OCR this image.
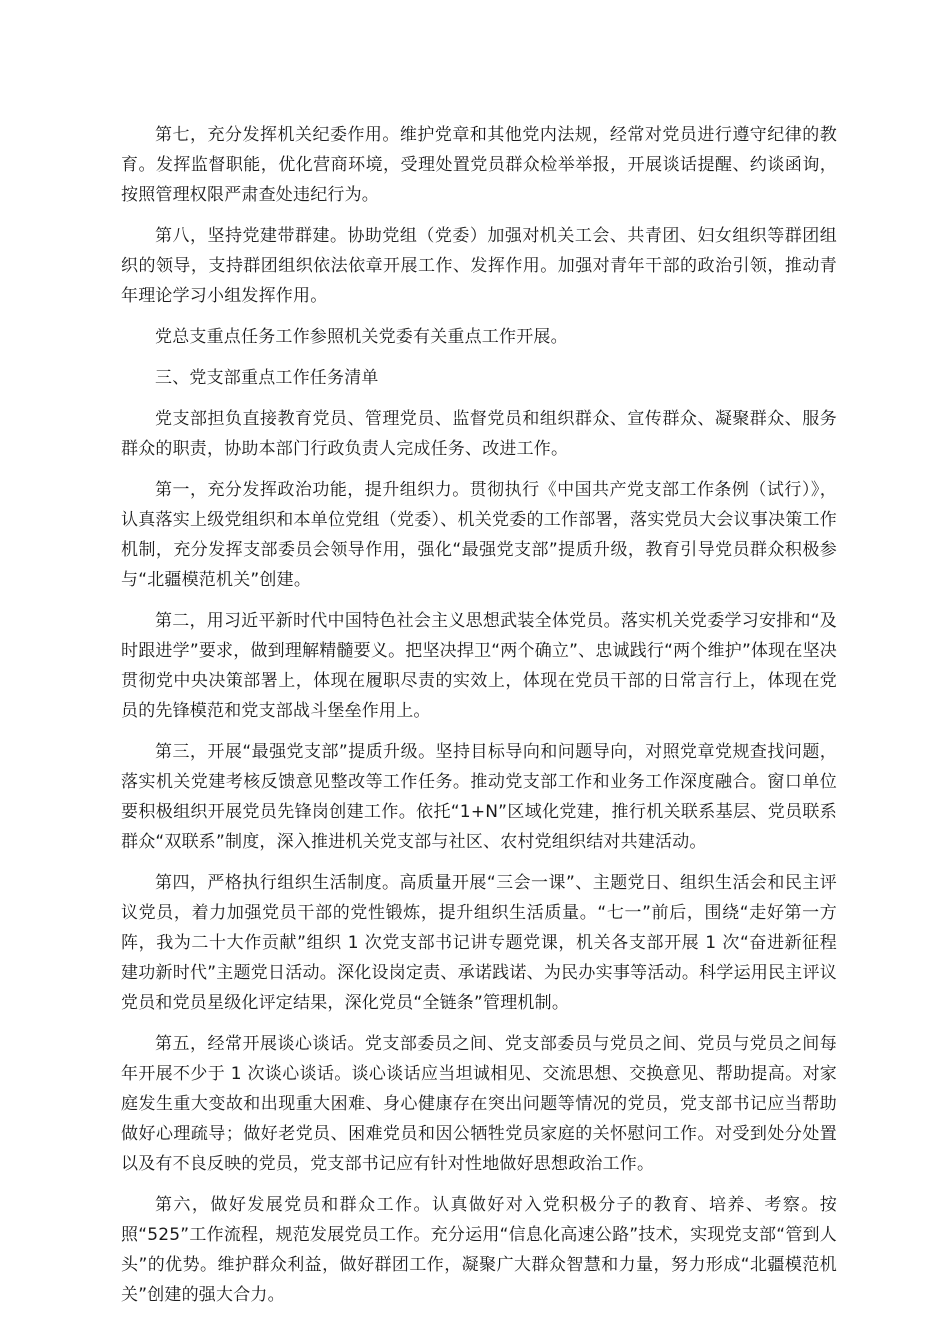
第七，充分发挥机关纪委作用。维护党章和其他党内法规，经常对党员进行遵守纪律的教育。发挥监督职能，优化营商环境，受理处置党员群众检举举报，开展谈话提醒、约谈函询，按照管理权限严肃查处违纪行为。

第八，坚持党建带群建。协助党组（党委）加强对机关工会、共青团、妇女组织等群团组织的领导，支持群团组织依法依章开展工作、发挥作用。加强对青年干部的政治引领，推动青年理论学习小组发挥作用。

党总支重点任务工作参照机关党委有关重点工作开展。

三、党支部重点工作任务清单

党支部担负直接教育党员、管理党员、监督党员和组织群众、宣传群众、凝聚群众、服务群众的职责，协助本部门行政负责人完成任务、改进工作。

第一，充分发挥政治功能，提升组织力。贯彻执行《中国共产党支部工作条例（试行）》，认真落实上级党组织和本单位党组（党委）、机关党委的工作部署，落实党员大会议事决策工作机制，充分发挥支部委员会领导作用，强化“最强党支部”提质升级，教育引导党员群众积极参与“北疆模范机关”创建。

第二，用习近平新时代中国特色社会主义思想武装全体党员。落实机关党委学习安排和“及时跟进学”要求，做到理解精髓要义。把坚决捍卫“两个确立”、忠诚践行“两个维护”体现在坚决贯彻党中央决策部署上，体现在履职尽责的实效上，体现在党员干部的日常言行上，体现在党员的先锋模范和党支部战斗堡垒作用上。

第三，开展“最强党支部”提质升级。坚持目标导向和问题导向，对照党章党规查找问题，落实机关党建考核反馈意见整改等工作任务。推动党支部工作和业务工作深度融合。窗口单位要积极组织开展党员先锋岗创建工作。依托“1+N”区域化党建，推行机关联系基层、党员联系群众“双联系”制度，深入推进机关党支部与社区、农村党组织结对共建活动。

第四，严格执行组织生活制度。高质量开展“三会一课”、主题党日、组织生活会和民主评议党员，着力加强党员干部的党性锻炼，提升组织生活质量。“七一”前后，围绕“走好第一方阵，我为二十大作贡献”组织 1 次党支部书记讲专题党课，机关各支部开展 1 次“奋进新征程 建功新时代”主题党日活动。深化设岗定责、承诺践诺、为民办实事等活动。科学运用民主评议党员和党员星级化评定结果，深化党员“全链条”管理机制。

第五，经常开展谈心谈话。党支部委员之间、党支部委员与党员之间、党员与党员之间每年开展不少于 1 次谈心谈话。谈心谈话应当坦诚相见、交流思想、交换意见、帮助提高。对家庭发生重大变故和出现重大困难、身心健康存在突出问题等情况的党员，党支部书记应当帮助做好心理疏导；做好老党员、困难党员和因公牺牲党员家庭的关怀慰问工作。对受到处分处置以及有不良反映的党员，党支部书记应有针对性地做好思想政治工作。

第六，做好发展党员和群众工作。认真做好对入党积极分子的教育、培养、考察。按照“525”工作流程，规范发展党员工作。充分运用“信息化高速公路”技术，实现党支部“管到人头”的优势。维护群众利益，做好群团工作，凝聚广大群众智慧和力量，努力形成“北疆模范机关”创建的强大合力。
